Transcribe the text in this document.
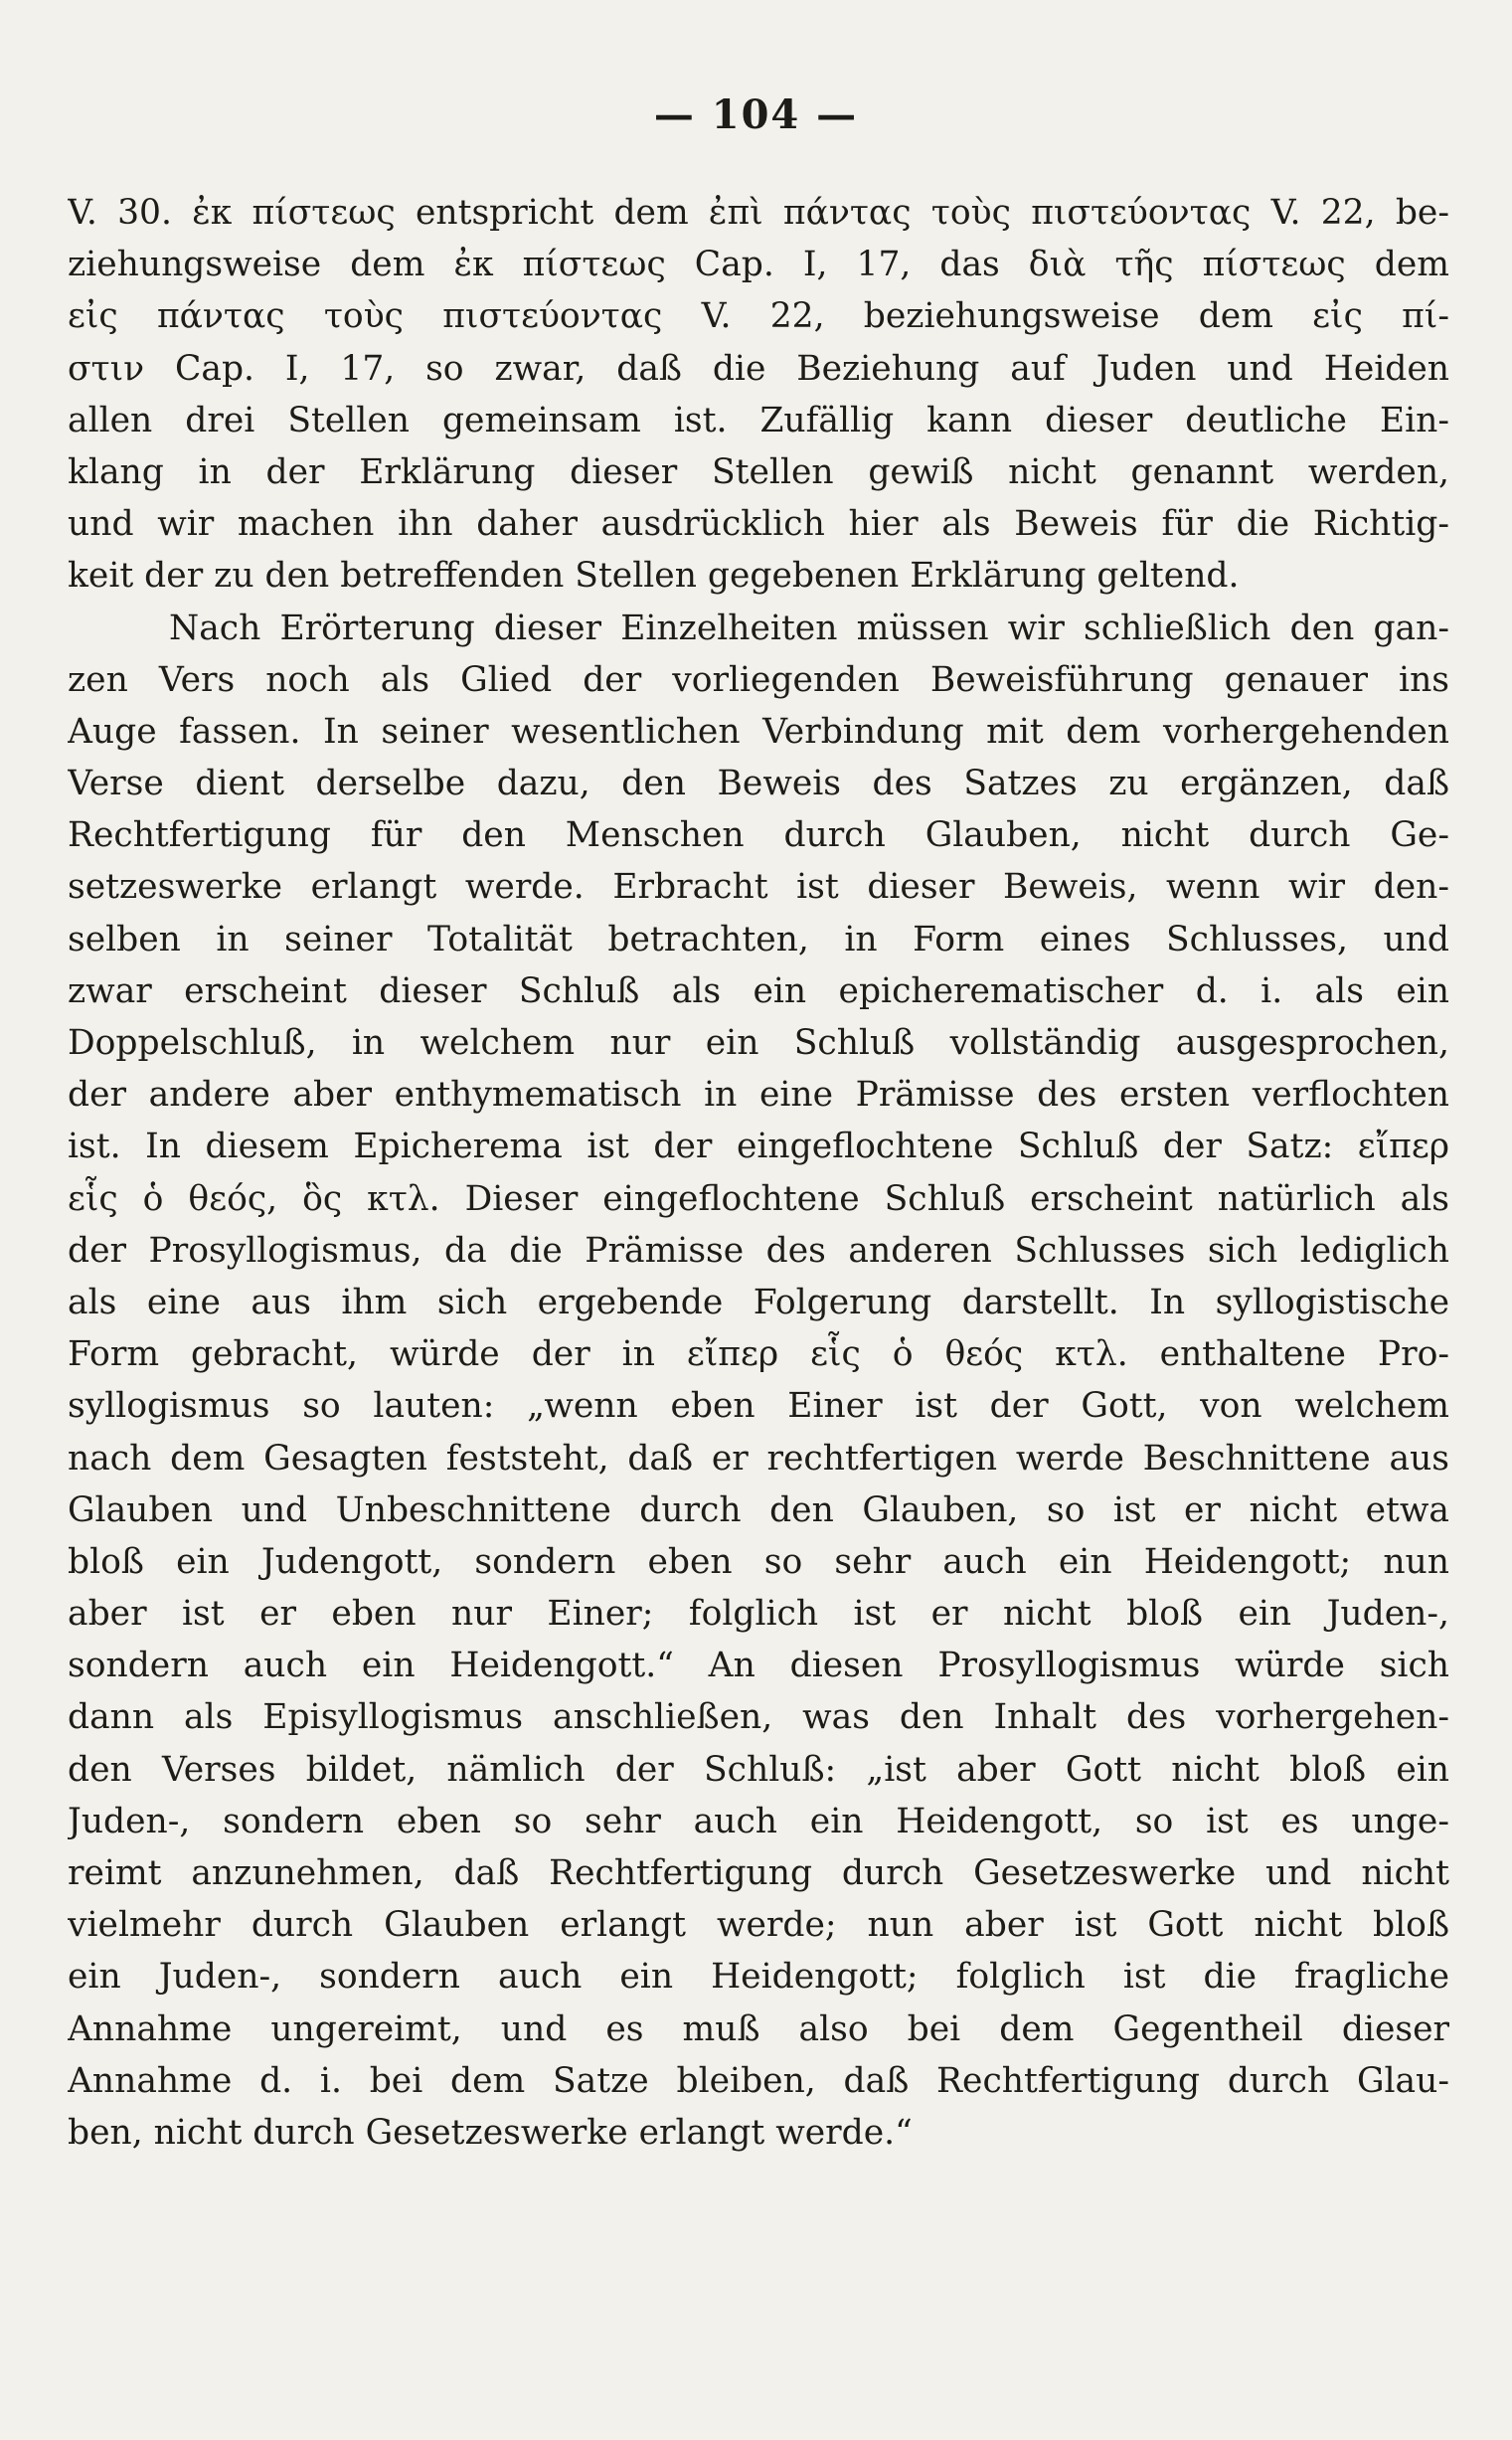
— 104 —
V. 30. ἐκ πίστεως entspricht dem ἐπὶ πάντας τοὺς πιστεύοντας V. 22, be-
ziehungsweise dem ἐκ πίστεως Cap. I, 17, das διὰ τῆς πίστεως dem
εἰς πάντας τοὺς πιστεύοντας V. 22, beziehungsweise dem εἰς πί-
στιν Cap. I, 17, so zwar, daß die Beziehung auf Juden und Heiden
allen drei Stellen gemeinsam ist. Zufällig kann dieser deutliche Ein-
klang in der Erklärung dieser Stellen gewiß nicht genannt werden,
und wir machen ihn daher ausdrücklich hier als Beweis für die Richtig-
keit der zu den betreffenden Stellen gegebenen Erklärung geltend.
Nach Erörterung dieser Einzelheiten müssen wir schließlich den gan-
zen Vers noch als Glied der vorliegenden Beweisführung genauer ins
Auge fassen. In seiner wesentlichen Verbindung mit dem vorhergehenden
Verse dient derselbe dazu, den Beweis des Satzes zu ergänzen, daß
Rechtfertigung für den Menschen durch Glauben, nicht durch Ge-
setzeswerke erlangt werde. Erbracht ist dieser Beweis, wenn wir den-
selben in seiner Totalität betrachten, in Form eines Schlusses, und
zwar erscheint dieser Schluß als ein epicherematischer d. i. als ein
Doppelschluß, in welchem nur ein Schluß vollständig ausgesprochen,
der andere aber enthymematisch in eine Prämisse des ersten verflochten
ist. In diesem Epicherema ist der eingeflochtene Schluß der Satz: εἴπερ
εἷς ὁ θεός, ὃς κτλ. Dieser eingeflochtene Schluß erscheint natürlich als
der Prosyllogismus, da die Prämisse des anderen Schlusses sich lediglich
als eine aus ihm sich ergebende Folgerung darstellt. In syllogistische
Form gebracht, würde der in εἴπερ εἷς ὁ θεός κτλ. enthaltene Pro-
syllogismus so lauten: „wenn eben Einer ist der Gott, von welchem
nach dem Gesagten feststeht, daß er rechtfertigen werde Beschnittene aus
Glauben und Unbeschnittene durch den Glauben, so ist er nicht etwa
bloß ein Judengott, sondern eben so sehr auch ein Heidengott; nun
aber ist er eben nur Einer; folglich ist er nicht bloß ein Juden-,
sondern auch ein Heidengott.“ An diesen Prosyllogismus würde sich
dann als Episyllogismus anschließen, was den Inhalt des vorhergehen-
den Verses bildet, nämlich der Schluß: „ist aber Gott nicht bloß ein
Juden-, sondern eben so sehr auch ein Heidengott, so ist es unge-
reimt anzunehmen, daß Rechtfertigung durch Gesetzeswerke und nicht
vielmehr durch Glauben erlangt werde; nun aber ist Gott nicht bloß
ein Juden-, sondern auch ein Heidengott; folglich ist die fragliche
Annahme ungereimt, und es muß also bei dem Gegentheil dieser
Annahme d. i. bei dem Satze bleiben, daß Rechtfertigung durch Glau-
ben, nicht durch Gesetzeswerke erlangt werde.“
